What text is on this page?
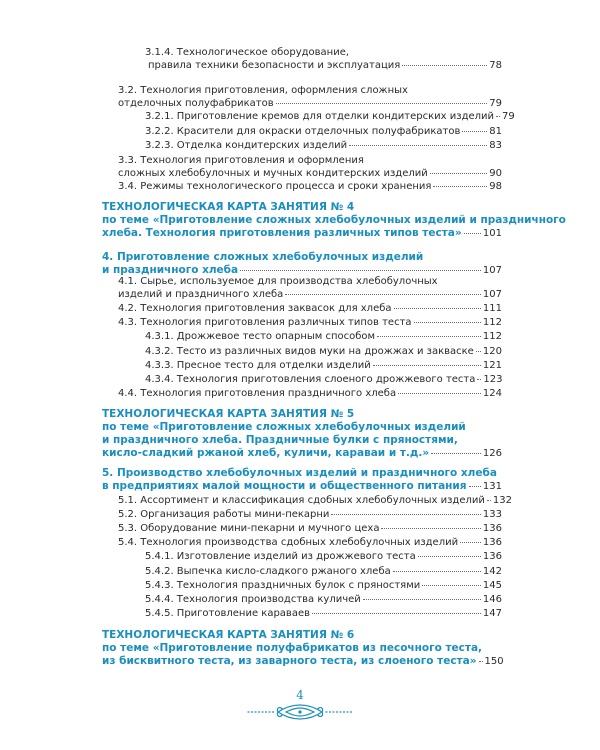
3.1.4. Технологическое оборудование,
правила техники безопасности и эксплуатация	78
3.2. Технология приготовления, оформления сложных
отделочных полуфабрикатов	79
3.2.1. Приготовление кремов для отделки кондитерских изделий 79
3.2.2. Красители для окраски отделочных полуфабрикатов	81
3.2.3. Отделка кондитерских изделий	83
3.3. Технология приготовления и оформления
сложных хлебобулочных и мучных кондитерских изделий	90
3.4. Режимы технологического процесса и сроки хранения	98
ТЕХНОЛОГИЧЕСКАЯ КАРТА ЗАНЯТИЯ № 4
по теме «Приготовление сложных хлебобулочных изделий и праздничного
хлеба. Технология приготовления различных типов теста» 101
4. Приготовление сложных хлебобулочных изделий
и праздничного хлеба	107
4.1. Сырье, используемое для производства хлебобулочных
изделий и праздничного хлеба	107
4.2. Технология приготовления заквасок для хлеба	111
4.3. Технология приготовления различных типов теста	112
4.3.1. Дрожжевое тесто опарным способом	112
4.3.2. Тесто из различных видов муки на дрожжах и закваске 120
4.3.3. Пресное тесто для отделки изделий	121
4.3.4. Технология приготовления слоеного дрожжевого теста 123
4.4. Технология приготовления праздничного хлеба	124
ТЕХНОЛОГИЧЕСКАЯ КАРТА ЗАНЯТИЯ № 5
по теме «Приготовление сложных хлебобулочных изделий
и праздничного хлеба. Праздничные булки с пряностями,
кисло-сладкий ржаной хлеб, куличи, караваи и т.д.»	126
5. Производство хлебобулочных изделий и праздничного хлеба
в предприятиях малой мощности и общественного питания 131
5.1. Ассортимент и классификация сдобных хлебобулочных изделий 132
5.2. Организация работы мини-пекарни	133
5.3. Оборудование мини-пекарни и мучного цеха	136
5.4. Технология производства сдобных хлебобулочных изделий 136
5.4.1. Изготовление изделий из дрожжевого теста	136
5.4.2. Выпечка кисло-сладкого ржаного хлеба	142
5.4.3. Технология праздничных булок с пряностями	145
5.4.4. Технология производства куличей	146
5.4.5. Приготовление караваев	147
ТЕХНОЛОГИЧЕСКАЯ КАРТА ЗАНЯТИЯ № 6
по теме «Приготовление полуфабрикатов из песочного теста,
из бисквитного теста, из заварного теста, из слоеного теста» 150
4
